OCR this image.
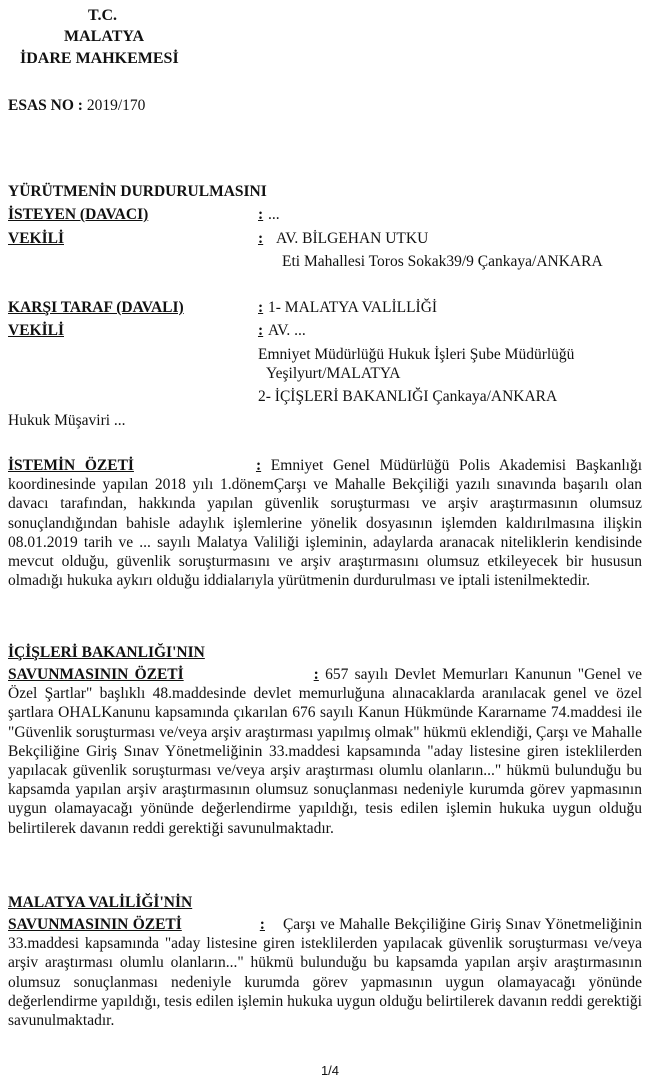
T.C.
MALATYA
İDARE MAHKEMESİ
ESAS NO : 2019/170
YÜRÜTMENİN DURDURULMASINI
İSTEYEN (DAVACI)	: ...
VEKİLİ	: AV. BİLGEHAN UTKU
Eti Mahallesi Toros Sokak39/9 Çankaya/ANKARA
KARŞI TARAF (DAVALI)	: 1- MALATYA VALİLLİĞİ
VEKİLİ	: AV. ...
Emniyet Müdürlüğü Hukuk İşleri Şube Müdürlüğü
Yeşilyurt/MALATYA
2- İÇİŞLERİ BAKANLIĞI Çankaya/ANKARA
Hukuk Müşaviri ...
İSTEMİN ÖZETİ	: Emniyet Genel Müdürlüğü Polis Akademisi Başkanlığı koordinesinde yapılan 2018 yılı 1.dönemÇarşı ve Mahalle Bekçiliği yazılı sınavında başarılı olan davacı tarafından, hakkında yapılan güvenlik soruşturması ve arşiv araştırmasının olumsuz sonuçlandığından bahisle adaylık işlemlerine yönelik dosyasının işlemden kaldırılmasına ilişkin 08.01.2019 tarih ve ... sayılı Malatya Valiliği işleminin, adaylarda aranacak niteliklerin kendisinde mevcut olduğu, güvenlik soruşturmasını ve arşiv araştırmasını olumsuz etkileyecek bir hususun olmadığı hukuka aykırı olduğu iddialarıyla yürütmenin durdurulması ve iptali istenilmektedir.
İÇİŞLERİ BAKANLIĞI'NIN
SAVUNMASININ ÖZETİ	: 657 sayılı Devlet Memurları Kanunun "Genel ve Özel Şartlar" başlıklı 48.maddesinde devlet memurluğuna alınacaklarda aranılacak genel ve özel şartlara OHALKanunu kapsamında çıkarılan 676 sayılı Kanun Hükmünde Kararname 74.maddesi ile "Güvenlik soruşturması ve/veya arşiv araştırması yapılmış olmak" hükmü eklendiği, Çarşı ve Mahalle Bekçiliğine Giriş Sınav Yönetmeliğinin 33.maddesi kapsamında "aday listesine giren isteklilerden yapılacak güvenlik soruşturması ve/veya arşiv araştırması olumlu olanların..." hükmü bulunduğu bu kapsamda yapılan arşiv araştırmasının olumsuz sonuçlanması nedeniyle kurumda görev yapmasının uygun olamayacağı yönünde değerlendirme yapıldığı, tesis edilen işlemin hukuka uygun olduğu belirtilerek davanın reddi gerektiği savunulmaktadır.
MALATYA VALİLİĞİ'NİN
SAVUNMASININ ÖZETİ	: Çarşı ve Mahalle Bekçiliğine Giriş Sınav Yönetmeliğinin 33.maddesi kapsamında "aday listesine giren isteklilerden yapılacak güvenlik soruşturması ve/veya arşiv araştırması olumlu olanların..." hükmü bulunduğu bu kapsamda yapılan arşiv araştırmasının olumsuz sonuçlanması nedeniyle kurumda görev yapmasının uygun olamayacağı yönünde değerlendirme yapıldığı, tesis edilen işlemin hukuka uygun olduğu belirtilerek davanın reddi gerektiği savunulmaktadır.
1/4
